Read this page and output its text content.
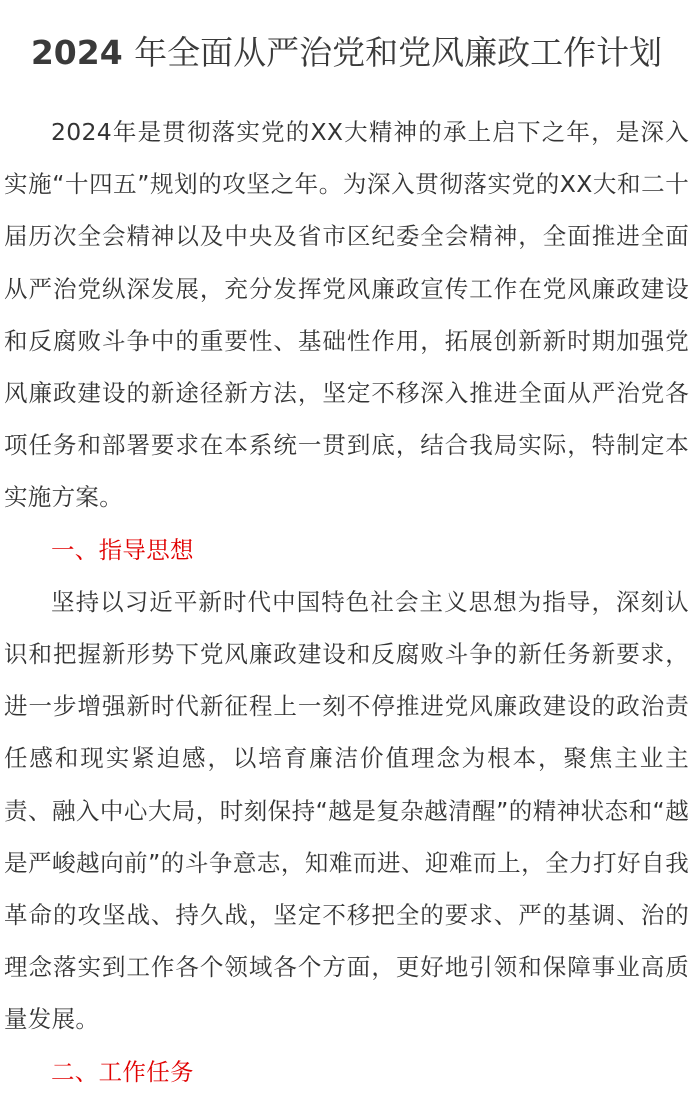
2024 年全面从严治党和党风廉政工作计划

2024年是贯彻落实党的XX大精神的承上启下之年，是深入实施“十四五”规划的攻坚之年。为深入贯彻落实党的XX大和二十届历次全会精神以及中央及省市区纪委全会精神，全面推进全面从严治党纵深发展，充分发挥党风廉政宣传工作在党风廉政建设和反腐败斗争中的重要性、基础性作用，拓展创新新时期加强党风廉政建设的新途径新方法，坚定不移深入推进全面从严治党各项任务和部署要求在本系统一贯到底，结合我局实际，特制定本实施方案。

一、指导思想

坚持以习近平新时代中国特色社会主义思想为指导，深刻认识和把握新形势下党风廉政建设和反腐败斗争的新任务新要求，进一步增强新时代新征程上一刻不停推进党风廉政建设的政治责任感和现实紧迫感，以培育廉洁价值理念为根本，聚焦主业主责、融入中心大局，时刻保持“越是复杂越清醒”的精神状态和“越是严峻越向前”的斗争意志，知难而进、迎难而上，全力打好自我革命的攻坚战、持久战，坚定不移把全的要求、严的基调、治的理念落实到工作各个领域各个方面，更好地引领和保障事业高质量发展。

二、工作任务
